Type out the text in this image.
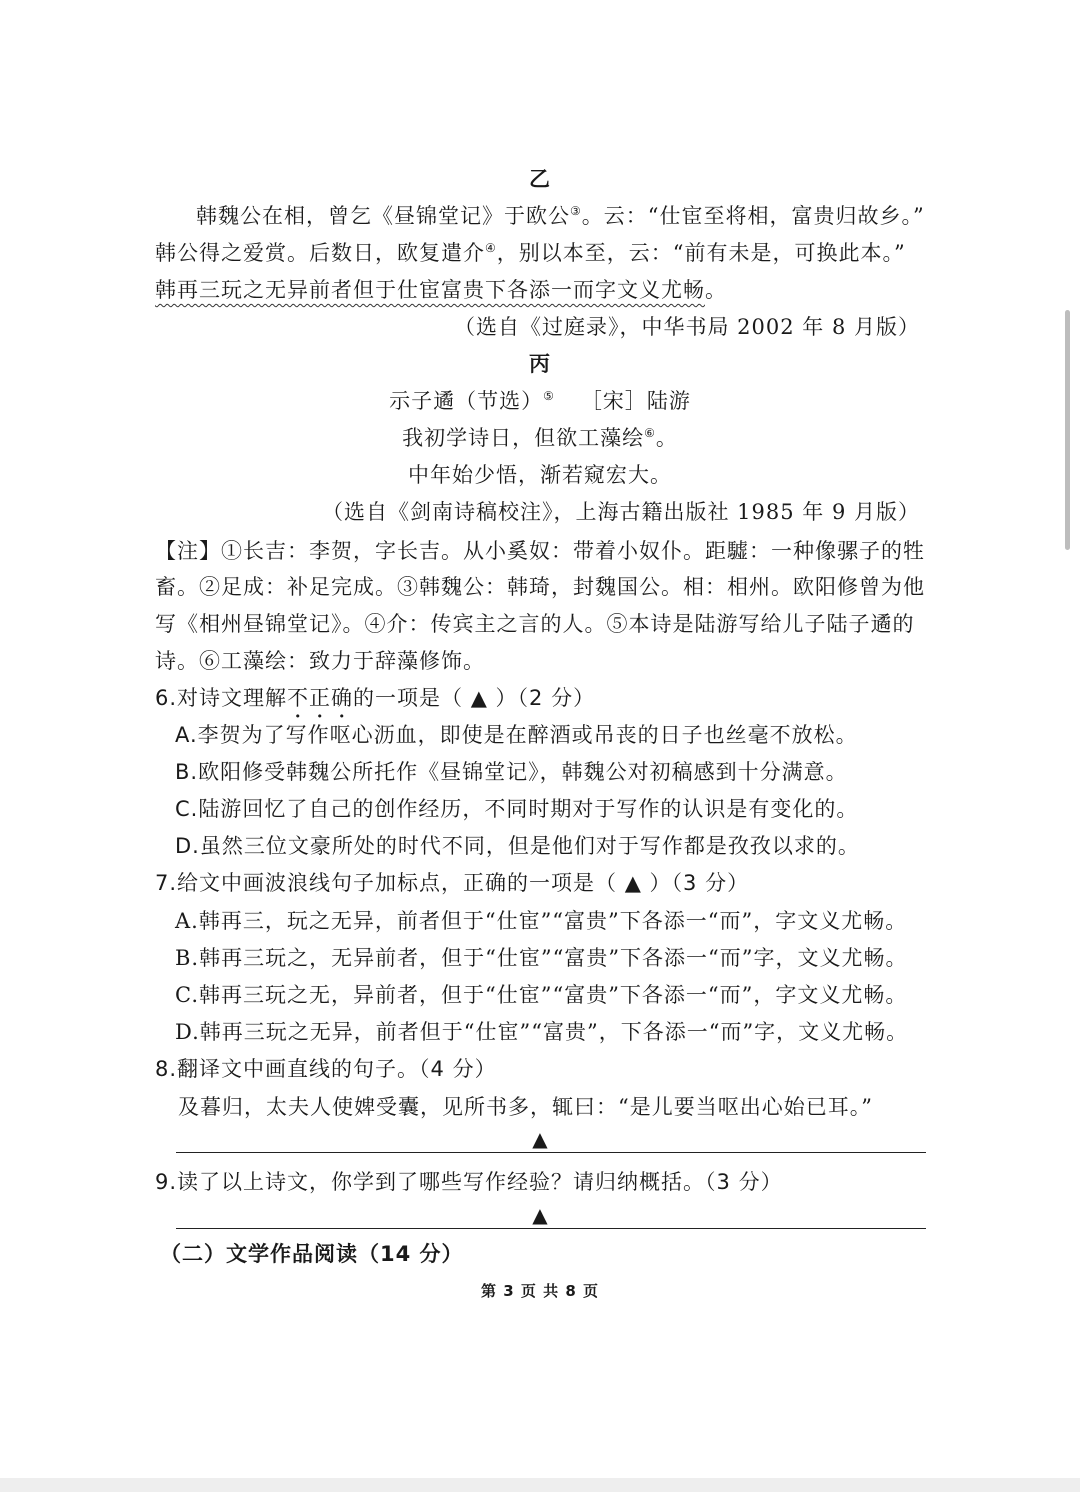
乙
韩魏公在相，曾乞《昼锦堂记》于欧公③。云：“仕宦至将相，富贵归故乡。”
韩公得之爱赏。后数日，欧复遣介④，别以本至，云：“前有未是，可换此本。”
韩再三玩之无异前者但于仕宦富贵下各添一而字文义尤畅。
（选自《过庭录》，中华书局 2002 年 8 月版）
丙
示子遹（节选）⑤ ［宋］陆游
我初学诗日，但欲工藻绘⑥。
中年始少悟，渐若窥宏大。
（选自《剑南诗稿校注》，上海古籍出版社 1985 年 9 月版）
【注】①长吉：李贺，字长吉。从小奚奴：带着小奴仆。距驉：一种像骡子的牲
畜。②足成：补足完成。③韩魏公：韩琦，封魏国公。相：相州。欧阳修曾为他
写《相州昼锦堂记》。④介：传宾主之言的人。⑤本诗是陆游写给儿子陆子遹的
诗。⑥工藻绘：致力于辞藻修饰。
6.对诗文理解不正确的一项是（ ▲ ）（2 分）
A.李贺为了写作呕心沥血，即使是在醉酒或吊丧的日子也丝毫不放松。
B.欧阳修受韩魏公所托作《昼锦堂记》，韩魏公对初稿感到十分满意。
C.陆游回忆了自己的创作经历，不同时期对于写作的认识是有变化的。
D.虽然三位文豪所处的时代不同，但是他们对于写作都是孜孜以求的。
7.给文中画波浪线句子加标点，正确的一项是（ ▲ ）（3 分）
A.韩再三，玩之无异，前者但于“仕宦”“富贵”下各添一“而”，字文义尤畅。
B.韩再三玩之，无异前者，但于“仕宦”“富贵”下各添一“而”字，文义尤畅。
C.韩再三玩之无，异前者，但于“仕宦”“富贵”下各添一“而”，字文义尤畅。
D.韩再三玩之无异，前者但于“仕宦”“富贵”，下各添一“而”字，文义尤畅。
8.翻译文中画直线的句子。（4 分）
及暮归，太夫人使婢受囊，见所书多，辄曰：“是儿要当呕出心始已耳。”
▲
9.读了以上诗文，你学到了哪些写作经验？请归纳概括。（3 分）
▲
（二）文学作品阅读（14 分）
第 3 页 共 8 页
